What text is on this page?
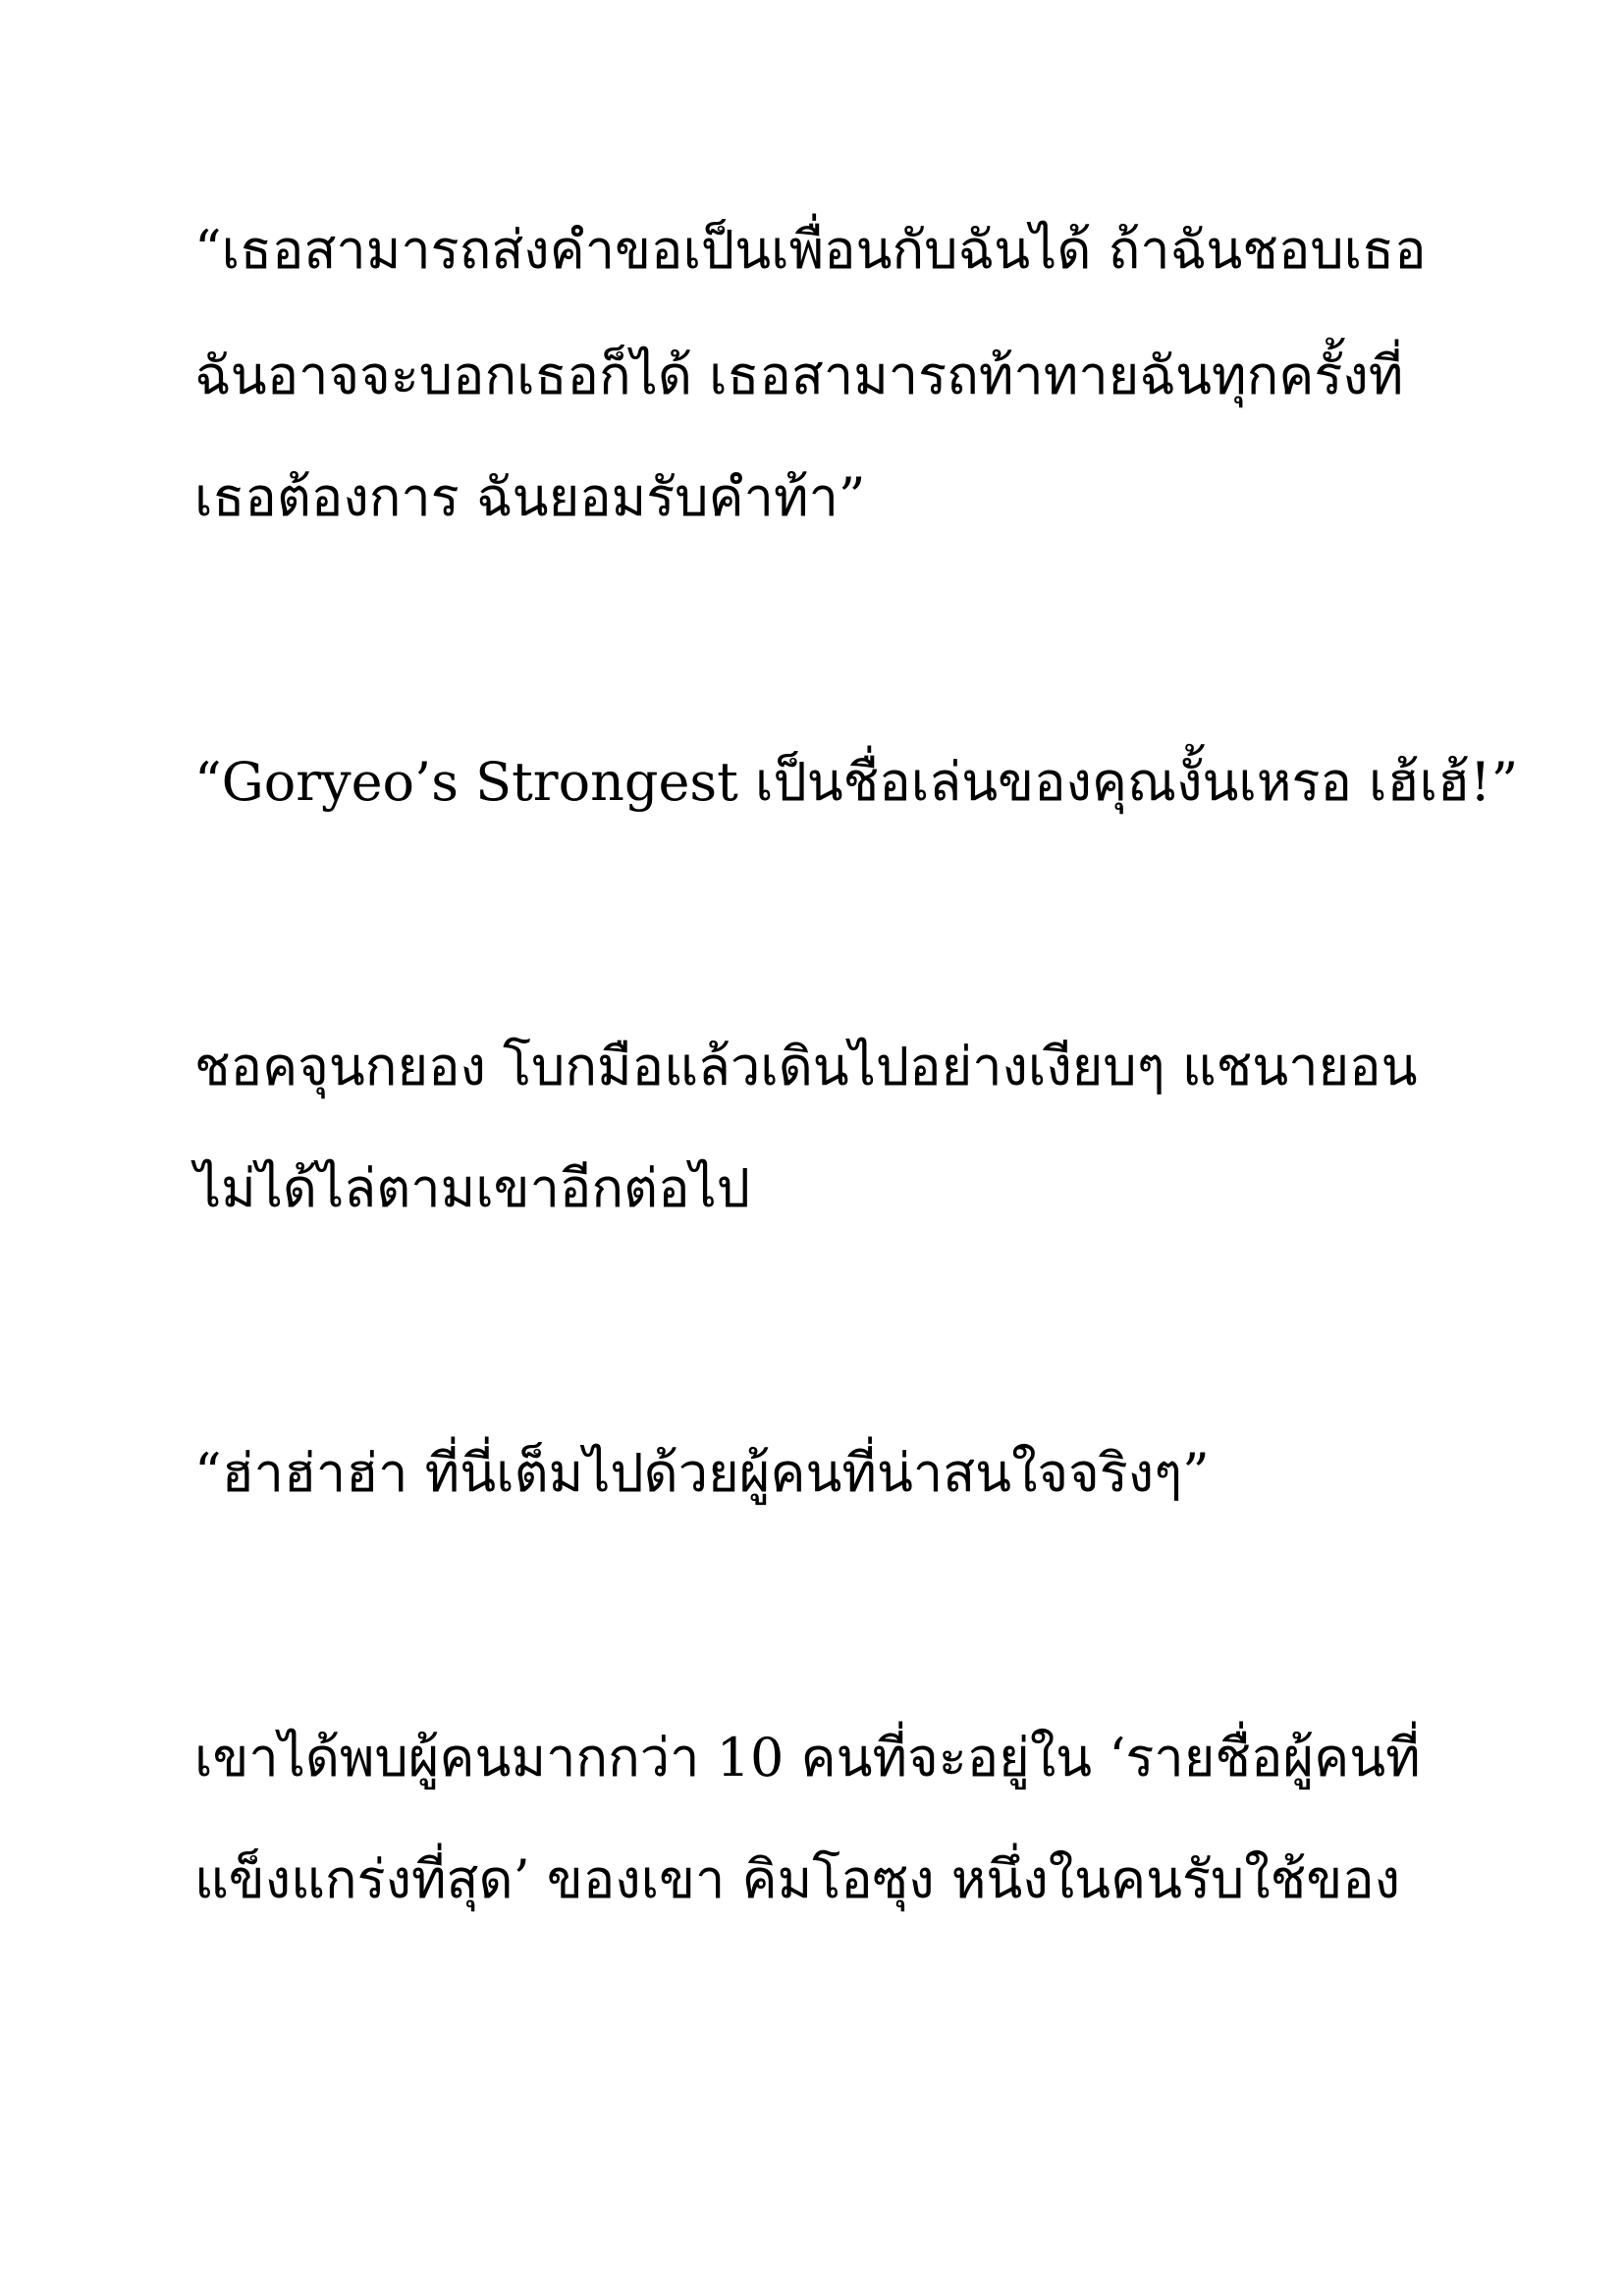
“เธอสามารถส่งคำขอเป็นเพื่อนกับฉันได้ ถ้าฉันชอบเธอ
ฉันอาจจะบอกเธอก็ได้ เธอสามารถท้าทายฉันทุกครั้งที่
เธอต้องการ ฉันยอมรับคำท้า”
“Goryeo’s Strongest เป็นชื่อเล่นของคุณงั้นเหรอ เฮ้เฮ้!”
ชอคจุนกยอง โบกมือแล้วเดินไปอย่างเงียบๆ แชนายอน
ไม่ได้ไล่ตามเขาอีกต่อไป
“ฮ่าฮ่าฮ่า ที่นี่เต็มไปด้วยผู้คนที่น่าสนใจจริงๆ”
เขาได้พบผู้คนมากกว่า 10 คนที่จะอยู่ใน ‘รายชื่อผู้คนที่
แข็งแกร่งที่สุด’ ของเขา คิมโอซุง หนึ่งในคนรับใช้ของ
